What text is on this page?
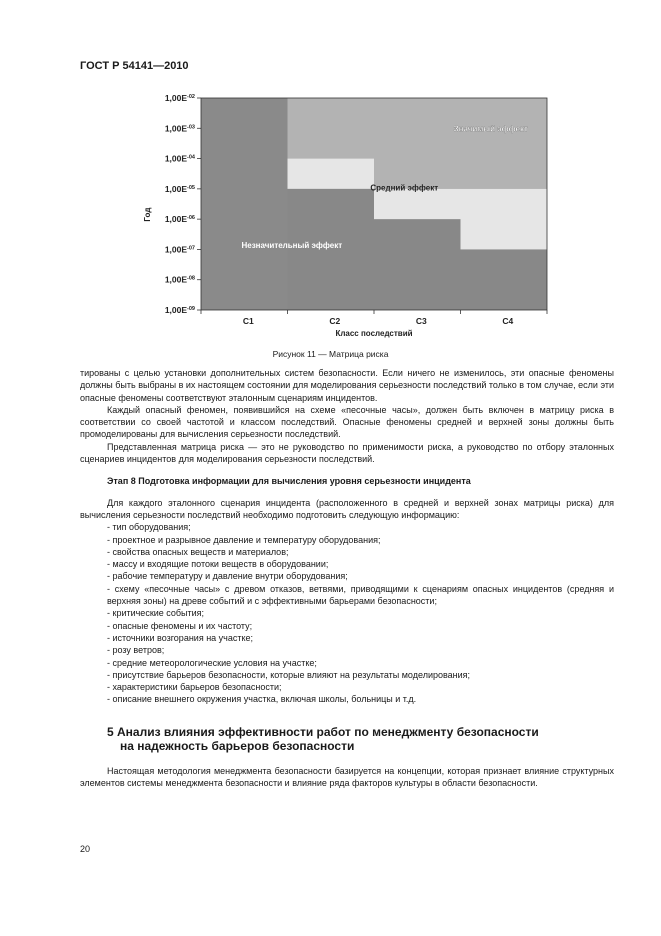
ГОСТ Р 54141—2010
$1,00E^{-02}$
$1,00E^{-03}$
$1,00E^{-04}$
$1,00E^{-05}$
$1,00E^{-06}$
$1,00E^{-07}$
$1,00E^{-08}$
$1,00E^{-09}$
С1	С2	С3	С4
Класс последствий
Год
Значимый эффект
Средний эффект
Незначительный эффект
Рисунок 11 — Матрица риска

тированы с целью установки дополнительных систем безопасности. Если ничего не изменилось, эти опасные феномены должны быть выбраны в их настоящем состоянии для моделирования серьезности последствий только в том случае, если эти опасные феномены соответствуют эталонным сценариям инцидентов.

Каждый опасный феномен, появившийся на схеме «песочные часы», должен быть включен в матрицу риска в соответствии со своей частотой и классом последствий. Опасные феномены средней и верхней зоны должны быть промоделированы для вычисления серьезности последствий.

Представленная матрица риска — это не руководство по применимости риска, а руководство по отбору эталонных сценариев инцидентов для моделирования серьезности последствий.

Этап 8 Подготовка информации для вычисления уровня серьезности инцидента

Для каждого эталонного сценария инцидента (расположенного в средней и верхней зонах матрицы риска) для вычисления серьезности последствий необходимо подготовить следующую информацию:

- тип оборудования;
- проектное и разрывное давление и температуру оборудования;
- свойства опасных веществ и материалов;
- массу и входящие потоки веществ в оборудовании;
- рабочие температуру и давление внутри оборудования;
- схему «песочные часы» с древом отказов, ветвями, приводящими к сценариям опасных инцидентов (средняя и верхняя зоны) на древе событий и с эффективными барьерами безопасности;
- критические события;
- опасные феномены и их частоту;
- источники возгорания на участке;
- розу ветров;
- средние метеорологические условия на участке;
- присутствие барьеров безопасности, которые влияют на результаты моделирования;
- характеристики барьеров безопасности;
- описание внешнего окружения участка, включая школы, больницы и т.д.

5 Анализ влияния эффективности работ по менеджменту безопасности
на надежность барьеров безопасности

Настоящая методология менеджмента безопасности базируется на концепции, которая признает влияние структурных элементов системы менеджмента безопасности и влияние ряда факторов культуры в области безопасности.

20
